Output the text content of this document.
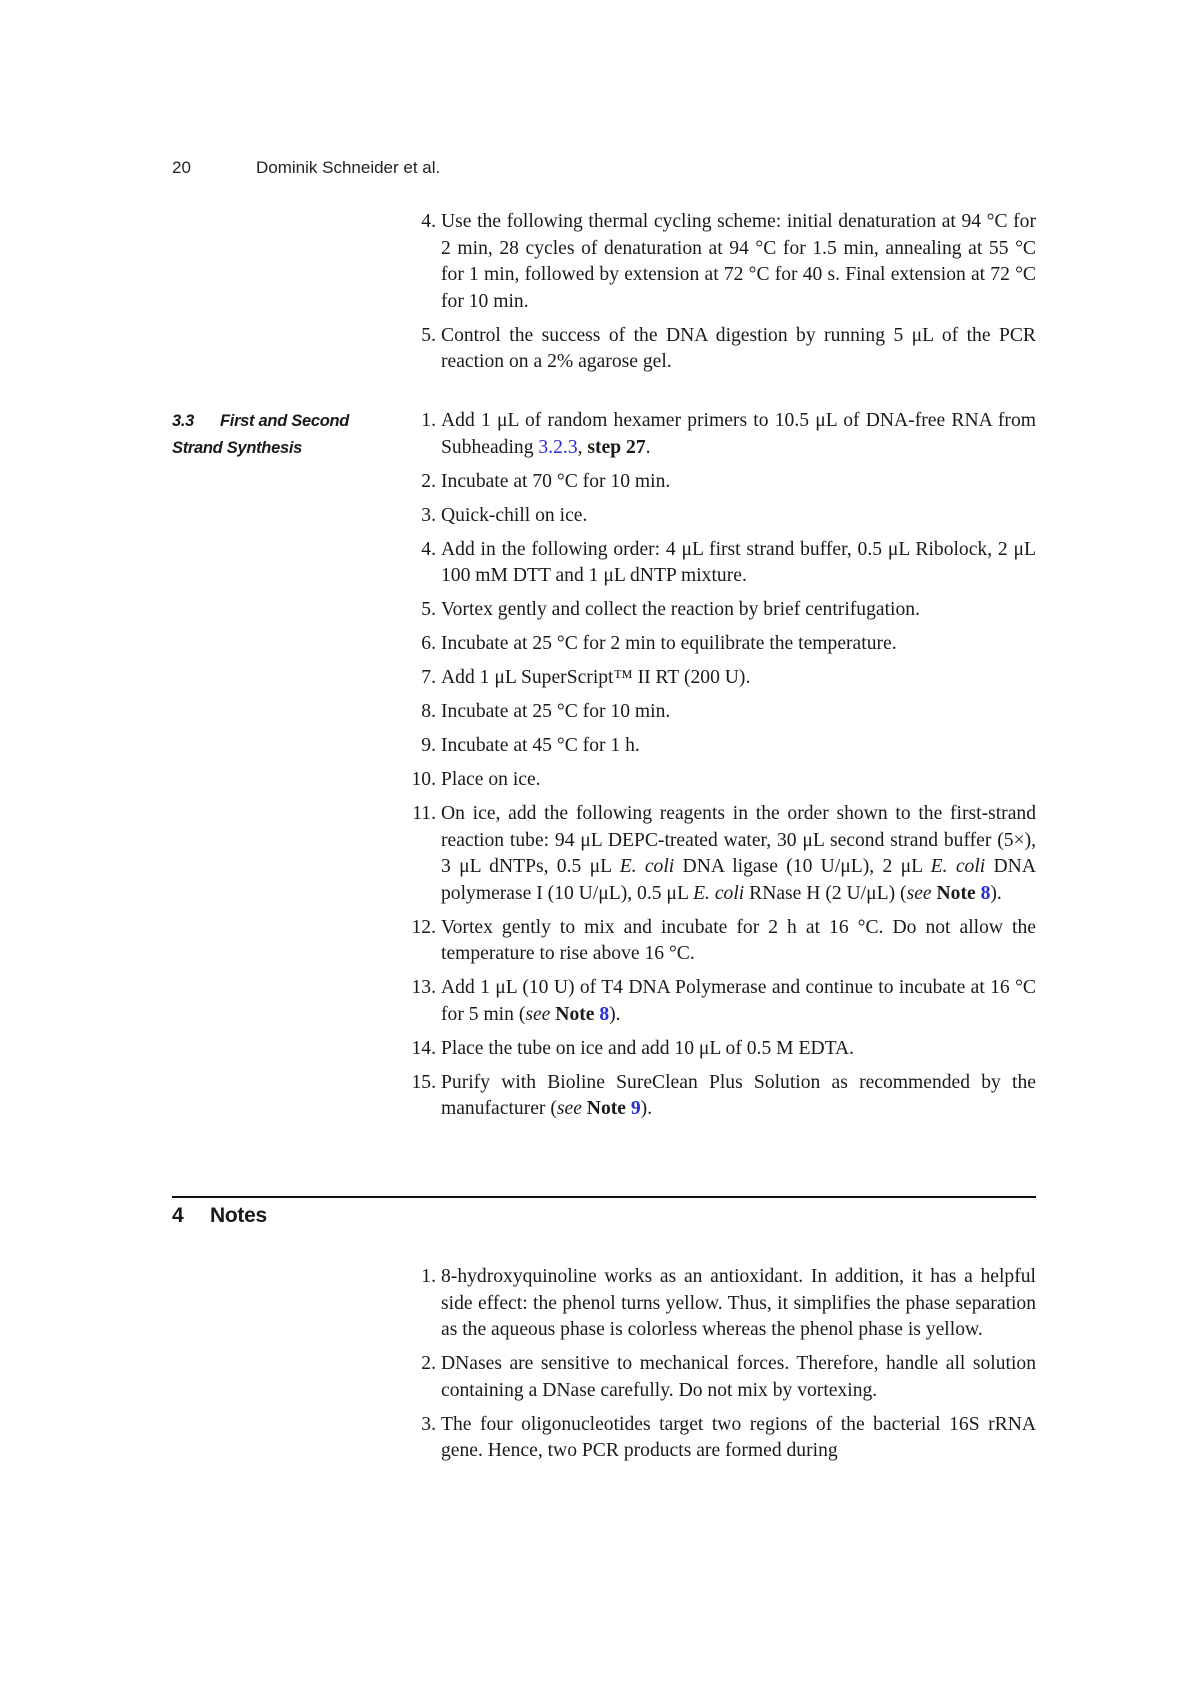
20	Dominik Schneider et al.
4. Use the following thermal cycling scheme: initial denaturation at 94 °C for 2 min, 28 cycles of denaturation at 94 °C for 1.5 min, annealing at 55 °C for 1 min, followed by extension at 72 °C for 40 s. Final extension at 72 °C for 10 min.
5. Control the success of the DNA digestion by running 5 μL of the PCR reaction on a 2% agarose gel.
3.3 First and Second
Strand Synthesis
1. Add 1 μL of random hexamer primers to 10.5 μL of DNA-free RNA from Subheading 3.2.3, step 27.
2. Incubate at 70 °C for 10 min.
3. Quick-chill on ice.
4. Add in the following order: 4 μL first strand buffer, 0.5 μL Ribolock, 2 μL 100 mM DTT and 1 μL dNTP mixture.
5. Vortex gently and collect the reaction by brief centrifugation.
6. Incubate at 25 °C for 2 min to equilibrate the temperature.
7. Add 1 μL SuperScript™ II RT (200 U).
8. Incubate at 25 °C for 10 min.
9. Incubate at 45 °C for 1 h.
10. Place on ice.
11. On ice, add the following reagents in the order shown to the first-strand reaction tube: 94 μL DEPC-treated water, 30 μL second strand buffer (5×), 3 μL dNTPs, 0.5 μL E. coli DNA ligase (10 U/μL), 2 μL E. coli DNA polymerase I (10 U/μL), 0.5 μL E. coli RNase H (2 U/μL) (see Note 8).
12. Vortex gently to mix and incubate for 2 h at 16 °C. Do not allow the temperature to rise above 16 °C.
13. Add 1 μL (10 U) of T4 DNA Polymerase and continue to incubate at 16 °C for 5 min (see Note 8).
14. Place the tube on ice and add 10 μL of 0.5 M EDTA.
15. Purify with Bioline SureClean Plus Solution as recommended by the manufacturer (see Note 9).
4 Notes
1. 8-hydroxyquinoline works as an antioxidant. In addition, it has a helpful side effect: the phenol turns yellow. Thus, it simplifies the phase separation as the aqueous phase is colorless whereas the phenol phase is yellow.
2. DNases are sensitive to mechanical forces. Therefore, handle all solution containing a DNase carefully. Do not mix by vortexing.
3. The four oligonucleotides target two regions of the bacterial 16S rRNA gene. Hence, two PCR products are formed during
